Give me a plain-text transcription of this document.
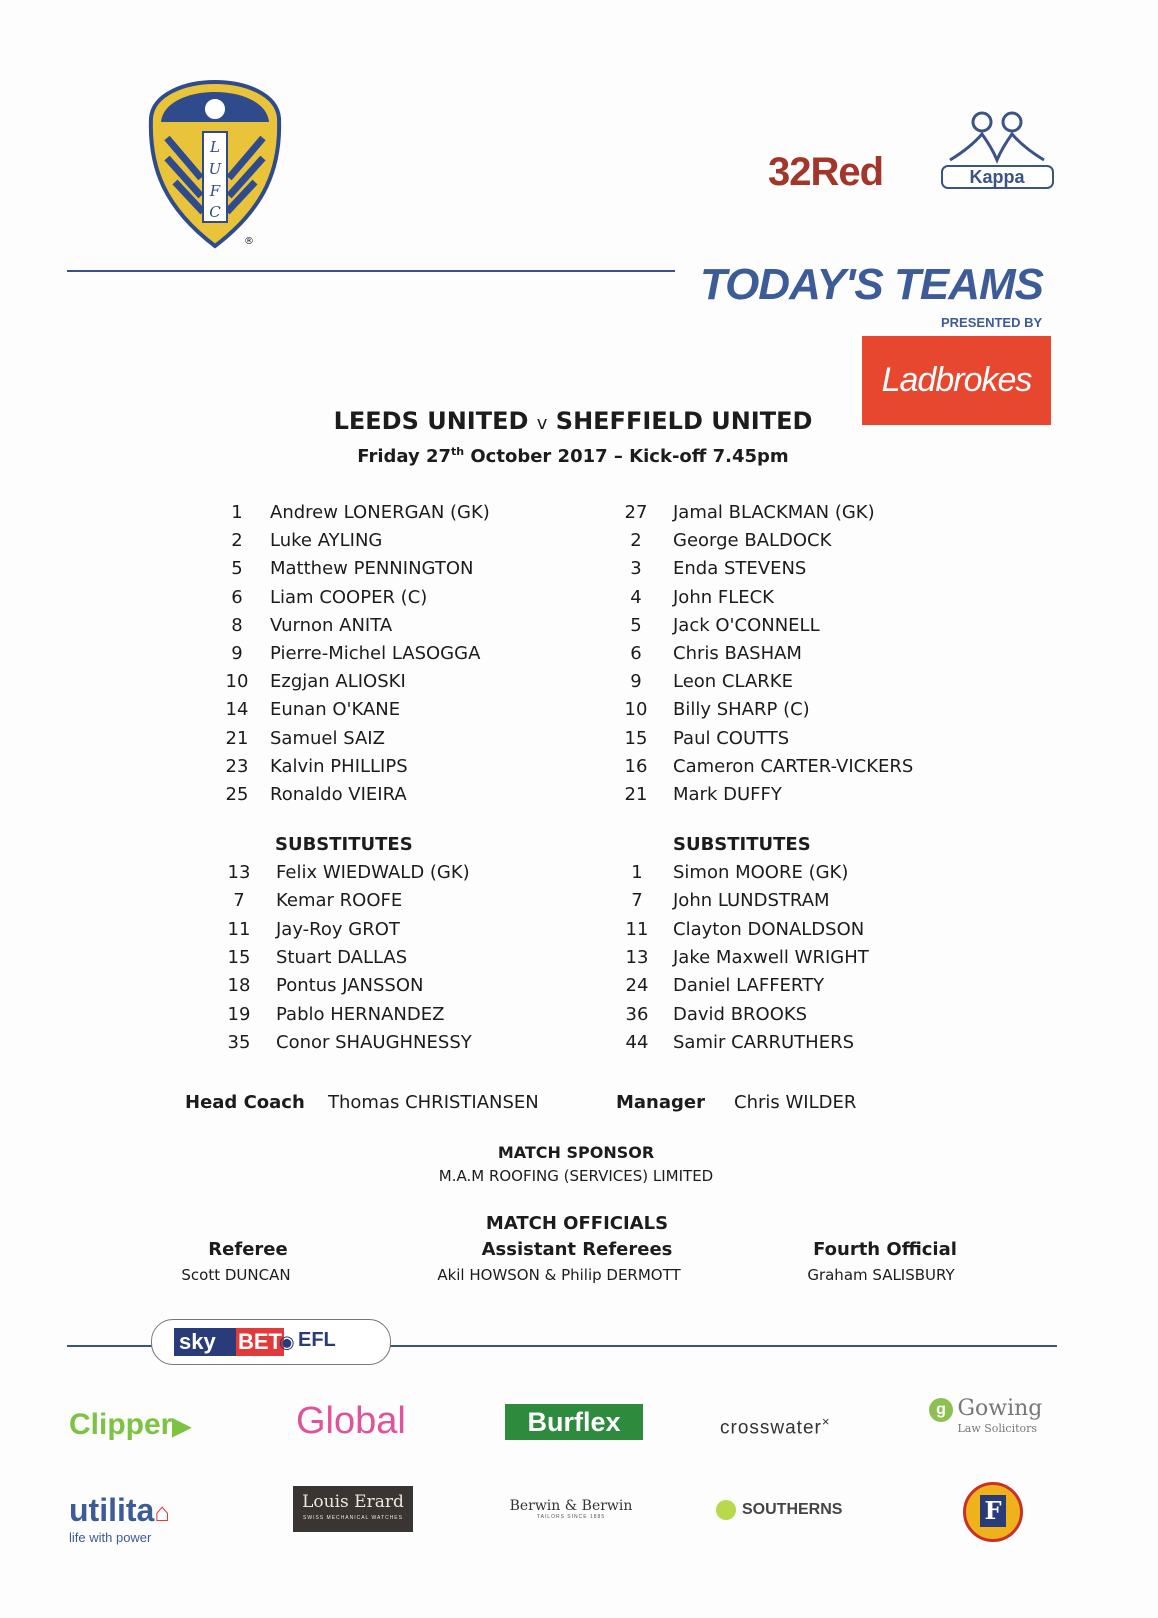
L
U
F
C
®
32Red	Kappa
TODAY'S TEAMS
PRESENTED BY
Ladbrokes
LEEDS UNITED v SHEFFIELD UNITED
Friday 27th October 2017 – Kick-off 7.45pm
1	Andrew LONERGAN (GK)
2	Luke AYLING
5	Matthew PENNINGTON
6	Liam COOPER (C)
8	Vurnon ANITA
9	Pierre-Michel LASOGGA
10 Ezgjan ALIOSKI
14 Eunan O'KANE
21 Samuel SAIZ
23 Kalvin PHILLIPS
25 Ronaldo VIEIRA
27 Jamal BLACKMAN (GK)
2	George BALDOCK
3	Enda STEVENS
4	John FLECK
5	Jack O'CONNELL
6	Chris BASHAM
9	Leon CLARKE
10 Billy SHARP (C)
15 Paul COUTTS
16 Cameron CARTER-VICKERS
21 Mark DUFFY
SUBSTITUTES	SUBSTITUTES
13 Felix WIEDWALD (GK)
7	Kemar ROOFE
11 Jay-Roy GROT
15 Stuart DALLAS
18 Pontus JANSSON
19 Pablo HERNANDEZ
35 Conor SHAUGHNESSY
1	Simon MOORE (GK)
7	John LUNDSTRAM
11 Clayton DONALDSON
13 Jake Maxwell WRIGHT
24 Daniel LAFFERTY
36 David BROOKS
44 Samir CARRUTHERS
Head Coach Thomas CHRISTIANSEN	Manager Chris WILDER
MATCH SPONSOR
M.A.M ROOFING (SERVICES) LIMITED
MATCH OFFICIALS
Referee
Scott DUNCAN
Assistant Referees
Akil HOWSON & Philip DERMOTT
Fourth Official
Graham SALISBURY
sky BET
◉ EFL
Clipper▶	Global	Burflex	crosswater×
g Gowing
Law Solicitors
utilita⌂
life with power
Louis Erard
SWISS MECHANICAL WATCHES
Berwin & Berwin
TAILORS SINCE 1885	SOUTHERNS	F
